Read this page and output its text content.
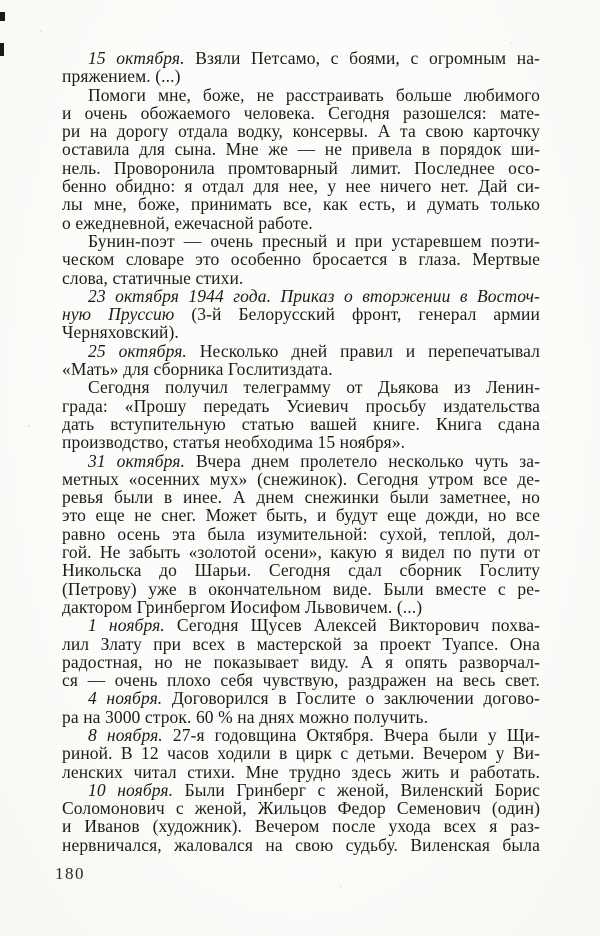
15 октября. Взяли Петсамо, с боями, с огромным на-
пряжением. (...)
Помоги мне, боже, не расстраивать больше любимого
и очень обожаемого человека. Сегодня разошелся: мате-
ри на дорогу отдала водку, консервы. А та свою карточку
оставила для сына. Мне же — не привела в порядок ши-
нель. Проворонила промтоварный лимит. Последнее осо-
бенно обидно: я отдал для нее, у нее ничего нет. Дай си-
лы мне, боже, принимать все, как есть, и думать только
о ежедневной, ежечасной работе.
Бунин-поэт — очень пресный и при устаревшем поэти-
ческом словаре это особенно бросается в глаза. Мертвые
слова, статичные стихи.
23 октября 1944 года. Приказ о вторжении в Восточ-
ную Пруссию (3-й Белорусский фронт, генерал армии
Черняховский).
25 октября. Несколько дней правил и перепечатывал
«Мать» для сборника Гослитиздата.
Сегодня получил телеграмму от Дьякова из Ленин-
града: «Прошу передать Усиевич просьбу издательства
дать вступительную статью вашей книге. Книга сдана
производство, статья необходима 15 ноября».
31 октября. Вчера днем пролетело несколько чуть за-
метных «осенних мух» (снежинок). Сегодня утром все де-
ревья были в инее. А днем снежинки были заметнее, но
это еще не снег. Может быть, и будут еще дожди, но все
равно осень эта была изумительной: сухой, теплой, дол-
гой. Не забыть «золотой осени», какую я видел по пути от
Никольска до Шарьи. Сегодня сдал сборник Гослиту
(Петрову) уже в окончательном виде. Были вместе с ре-
дактором Гринбергом Иосифом Львовичем. (...)
1 ноября. Сегодня Щусев Алексей Викторович похва-
лил Злату при всех в мастерской за проект Туапсе. Она
радостная, но не показывает виду. А я опять разворчал-
ся — очень плохо себя чувствую, раздражен на весь свет.
4 ноября. Договорился в Гослите о заключении догово-
ра на 3000 строк. 60 % на днях можно получить.
8 ноября. 27-я годовщина Октября. Вчера были у Щи-
риной. В 12 часов ходили в цирк с детьми. Вечером у Ви-
ленских читал стихи. Мне трудно здесь жить и работать.
10 ноября. Были Гринберг с женой, Виленский Борис
Соломонович с женой, Жильцов Федор Семенович (один)
и Иванов (художник). Вечером после ухода всех я раз-
нервничался, жаловался на свою судьбу. Виленская была
180
